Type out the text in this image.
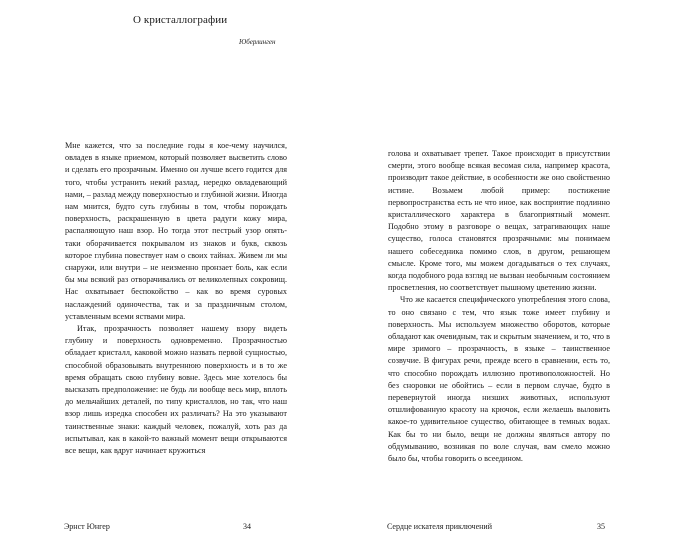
О кристаллографии
Юберлинген

Мне кажется, что за последние годы я кое-чему научился, овладев в языке приемом, который позволяет высветить слово и сделать его прозрачным. Именно он лучше всего годится для того, чтобы устранить некий разлад, нередко овладевающий нами, – разлад между поверхностью и глубиной жизни. Иногда нам мнится, будто суть глубины в том, чтобы порождать поверхность, раскрашенную в цвета радуги кожу мира, распаляющую наш взор. Но тогда этот пестрый узор опять-таки оборачивается покрывалом из знаков и букв, сквозь которое глубина повествует нам о своих тайнах. Живем ли мы снаружи, или внутри – не неизменно пронзает боль, как если бы мы всякий раз отворачивались от великолепных сокровищ. Нас охватывает беспокойство – как во время суровых наслаждений одиночества, так и за праздничным столом, уставленным всеми яствами мира.

Итак, прозрачность позволяет нашему взору видеть глубину и поверхность одновременно. Прозрачностью обладает кристалл, каковой можно назвать первой сущностью, способной образовывать внутреннюю поверхность и в то же время обращать свою глубину вовне. Здесь мне хотелось бы высказать предположение: не будь ли вообще весь мир, вплоть до мельчайших деталей, по типу кристаллов, но так, что наш взор лишь изредка способен их различать? На это указывают таинственные знаки: каждый человек, пожалуй, хоть раз да испытывал, как в какой-то важный момент вещи открываются все вещи, как вдруг начинает кружиться

Эрнст Юнгер	34

голова и охватывает трепет. Такое происходит в присутствии смерти, этого вообще всякая весомая сила, например красота, производит такое действие, в особенности же оно свойственно истине. Возьмем любой пример: постижение первопространства есть не что иное, как восприятие подлинно кристаллического характера в благоприятный момент. Подобно этому в разговоре о вещах, затрагивающих наше существо, голоса становятся прозрачными: мы понимаем нашего собеседника помимо слов, в другом, решающем смысле. Кроме того, мы можем догадываться о тех случаях, когда подобного рода взгляд не вызван необычным состоянием просветления, но соответствует пышному цветению жизни.

Что же касается специфического употребления этого слова, то оно связано с тем, что язык тоже имеет глубину и поверхность. Мы используем множество оборотов, которые обладают как очевидным, так и скрытым значением, и то, что в мире зримого – прозрачность, в языке – таинственное созвучие. В фигурах речи, прежде всего в сравнении, есть то, что способно порождать иллюзию противоположностей. Но без сноровки не обойтись – если в первом случае, будто в перевернутой иногда низших животных, используют отшлифованную красоту на крючок, если желаешь выловить какое-то удивительное существо, обитающее в темных водах. Как бы то ни было, вещи не должны являться автору по обдумыванию, возникая по воле случая, вам смело можно было бы, чтобы говорить о всеедином.

Сердце искателя приключений	35
